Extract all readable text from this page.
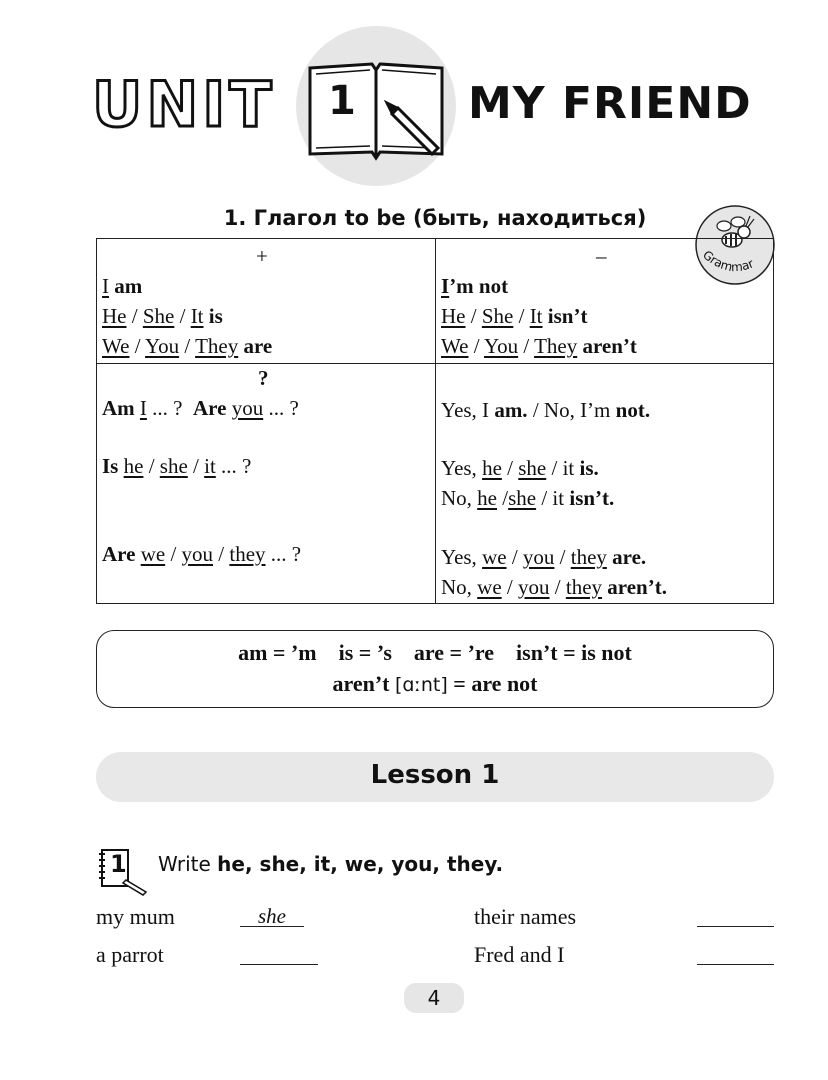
UNIT 1	MY FRIEND
1. Глагол to be (быть, находиться)
Grammar
+
I am
He / She / It is
We / You / They are
–
I’m not
He / She / It isn’t
We / You / They aren’t
?
Am I ... ? Are you ... ?
Is he / she / it ... ?
Are we / you / they ... ?
Yes, I am. / No, I’m not.
Yes, he / she / it is.
No, he /she / it isn’t.
Yes, we / you / they are.
No, we / you / they aren’t.
am = ’m    is = ’s    are = ’re    isn’t = is not
aren’t [ɑːnt] = are not
Lesson 1
1 Write he, she, it, we, you, they.
my mum	she
a parrot
their names
Fred and I
4
